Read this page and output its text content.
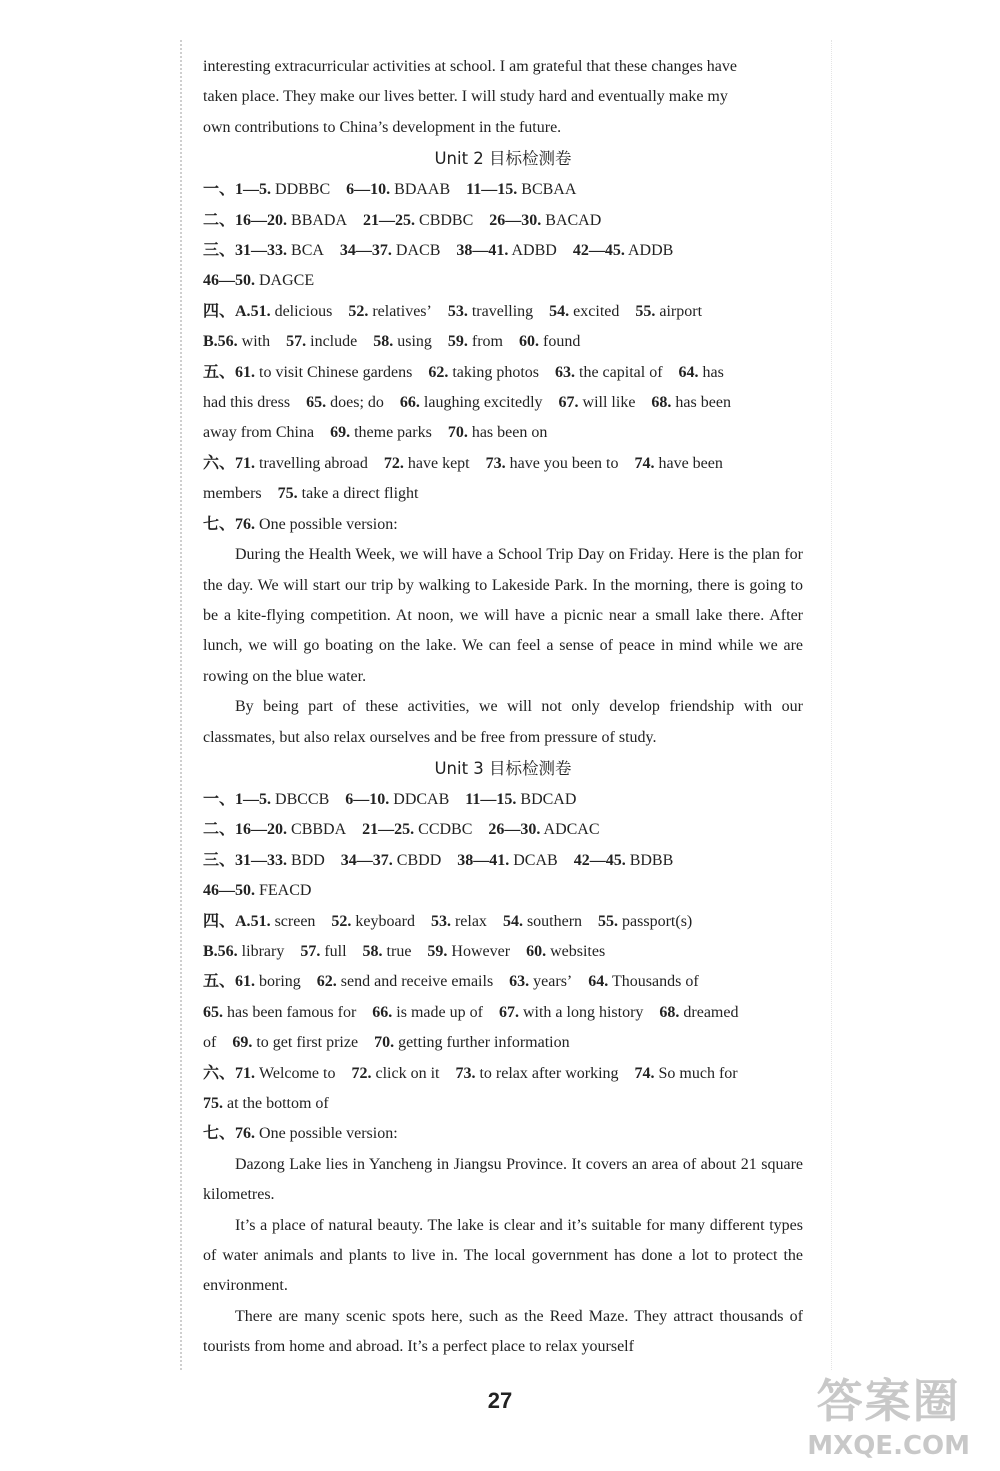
interesting extracurricular activities at school. I am grateful that these changes have
taken place. They make our lives better. I will study hard and eventually make my
own contributions to China’s development in the future.
Unit 2 目标检测卷
一、1—5. DDBBC 6—10. BDAAB 11—15. BCBAA
二、16—20. BBADA 21—25. CBDBC 26—30. BACAD
三、31—33. BCA 34—37. DACB 38—41. ADBD 42—45. ADDB
46—50. DAGCE
四、A.51. delicious 52. relatives’ 53. travelling 54. excited 55. airport
B.56. with 57. include 58. using 59. from 60. found
五、61. to visit Chinese gardens 62. taking photos 63. the capital of 64. has
had this dress 65. does; do 66. laughing excitedly 67. will like 68. has been
away from China 69. theme parks 70. has been on
六、71. travelling abroad 72. have kept 73. have you been to 74. have been
members 75. take a direct flight
七、76. One possible version:
During the Health Week, we will have a School Trip Day on Friday. Here is the plan for the day. We will start our trip by walking to Lakeside Park. In the morning, there is going to be a kite-flying competition. At noon, we will have a picnic near a small lake there. After lunch, we will go boating on the lake. We can feel a sense of peace in mind while we are rowing on the blue water.
By being part of these activities, we will not only develop friendship with our classmates, but also relax ourselves and be free from pressure of study.
Unit 3 目标检测卷
一、1—5. DBCCB 6—10. DDCAB 11—15. BDCAD
二、16—20. CBBDA 21—25. CCDBC 26—30. ADCAC
三、31—33. BDD 34—37. CBDD 38—41. DCAB 42—45. BDBB
46—50. FEACD
四、A.51. screen 52. keyboard 53. relax 54. southern 55. passport(s)
B.56. library 57. full 58. true 59. However 60. websites
五、61. boring 62. send and receive emails 63. years’ 64. Thousands of
65. has been famous for 66. is made up of 67. with a long history 68. dreamed
of 69. to get first prize 70. getting further information
六、71. Welcome to 72. click on it 73. to relax after working 74. So much for
75. at the bottom of
七、76. One possible version:
Dazong Lake lies in Yancheng in Jiangsu Province. It covers an area of about 21 square kilometres.
It’s a place of natural beauty. The lake is clear and it’s suitable for many different types of water animals and plants to live in. The local government has done a lot to protect the environment.
There are many scenic spots here, such as the Reed Maze. They attract thousands of tourists from home and abroad. It’s a perfect place to relax yourself
27	答案圈
MXQE.COM
